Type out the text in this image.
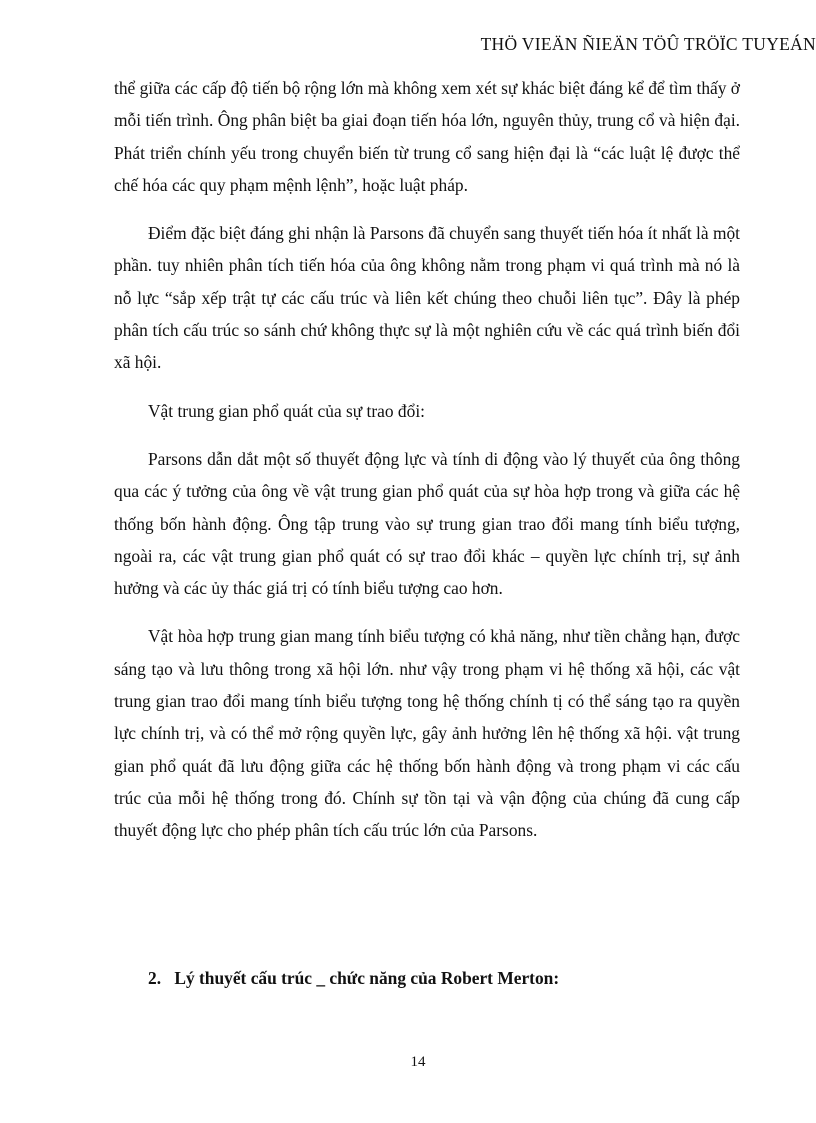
THÖ VIEÄN ÑIEÄN TÖÛ TRÖÏC TUYEÁN

thể giữa các cấp độ tiến bộ rộng lớn mà không xem xét sự khác biệt đáng kể để tìm thấy ở mỗi tiến trình. Ông phân biệt ba giai đoạn tiến hóa lớn, nguyên thủy, trung cổ và hiện đại. Phát triển chính yếu trong chuyển biến từ trung cổ sang hiện đại là “các luật lệ được thể chế hóa các quy phạm mệnh lệnh”, hoặc luật pháp.

Điểm đặc biệt đáng ghi nhận là Parsons đã chuyển sang thuyết tiến hóa ít nhất là một phần. tuy nhiên phân tích tiến hóa của ông không nằm trong phạm vi quá trình mà nó là nỗ lực “sắp xếp trật tự các cấu trúc và liên kết chúng theo chuỗi liên tục”. Đây là phép phân tích cấu trúc so sánh chứ không thực sự là một nghiên cứu về các quá trình biến đổi xã hội.

Vật trung gian phổ quát của sự trao đổi:

Parsons dẫn dắt một số thuyết động lực và tính di động vào lý thuyết của ông thông qua các ý tưởng của ông về vật trung gian phổ quát của sự hòa hợp trong và giữa các hệ thống bốn hành động. Ông tập trung vào sự trung gian trao đổi mang tính biểu tượng, ngoài ra, các vật trung gian phổ quát có sự trao đổi khác – quyền lực chính trị, sự ảnh hưởng và các ủy thác giá trị có tính biểu tượng cao hơn.

Vật hòa hợp trung gian mang tính biểu tượng có khả năng, như tiền chẳng hạn, được sáng tạo và lưu thông trong xã hội lớn. như vậy trong phạm vi hệ thống xã hội, các vật trung gian trao đổi mang tính biểu tượng tong hệ thống chính tị có thể sáng tạo ra quyền lực chính trị, và có thể mở rộng quyền lực, gây ảnh hưởng lên hệ thống xã hội. vật trung gian phổ quát đã lưu động giữa các hệ thống bốn hành động và trong phạm vi các cấu trúc của mỗi hệ thống trong đó. Chính sự tồn tại và vận động của chúng đã cung cấp thuyết động lực cho phép phân tích cấu trúc lớn của Parsons.

2. Lý thuyết cấu trúc _ chức năng của Robert Merton:
14
